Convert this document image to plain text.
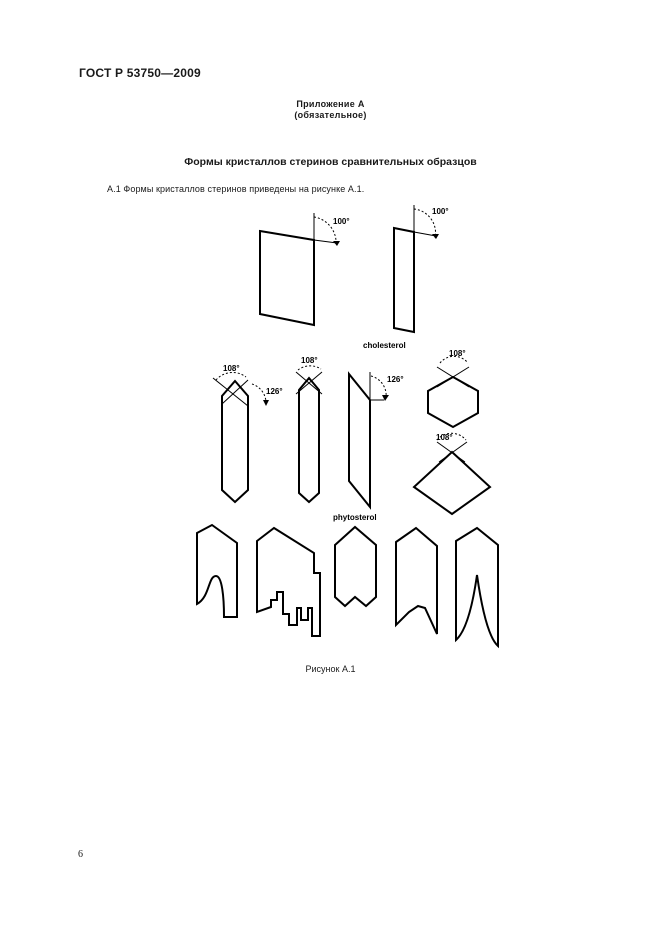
ГОСТ Р 53750—2009
Приложение А
(обязательное)
Формы кристаллов стеринов сравнительных образцов
А.1 Формы кристаллов стеринов приведены на рисунке А.1.
100°
100°
cholesterol
108°
126°
108°
126°
108°
108°
phytosterol
Рисунок А.1
6
